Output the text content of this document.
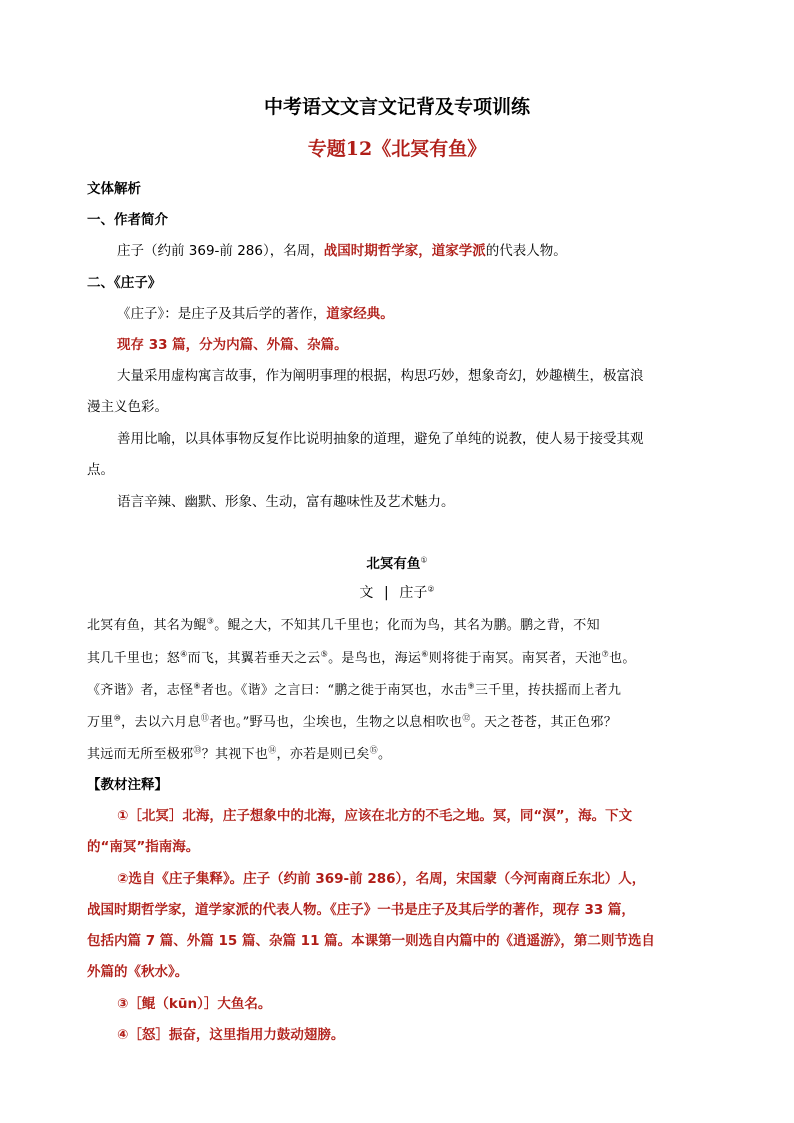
中考语文文言文记背及专项训练
专题12《北冥有鱼》
文体解析
一、作者简介
庄子（约前 369-前 286），名周，战国时期哲学家，道家学派的代表人物。
二、《庄子》
《庄子》：是庄子及其后学的著作，道家经典。
现存 33 篇，分为内篇、外篇、杂篇。
大量采用虚构寓言故事，作为阐明事理的根据，构思巧妙，想象奇幻，妙趣横生，极富浪
漫主义色彩。
善用比喻，以具体事物反复作比说明抽象的道理，避免了单纯的说教，使人易于接受其观
点。
语言辛辣、幽默、形象、生动，富有趣味性及艺术魅力。
北冥有鱼①
文 | 庄子②
北冥有鱼，其名为鲲③。鲲之大，不知其几千里也；化而为鸟，其名为鹏。鹏之背，不知
其几千里也；怒④而飞，其翼若垂天之云⑤。是鸟也，海运⑥则将徙于南冥。南冥者，天池⑦也。
《齐谐》者，志怪⑧者也。《谐》之言曰：“鹏之徙于南冥也，水击⑨三千里，抟扶摇而上者九
万里⑩，去以六月息⑪者也。”野马也，尘埃也，生物之以息相吹也⑫。天之苍苍，其正色邪？
其远而无所至极邪⑬？其视下也⑭，亦若是则已矣⑮。
【教材注释】
①［北冥］北海，庄子想象中的北海，应该在北方的不毛之地。冥，同“溟”，海。下文
的“南冥”指南海。
②选自《庄子集释》。庄子（约前 369-前 286），名周，宋国蒙（今河南商丘东北）人，
战国时期哲学家，道学家派的代表人物。《庄子》一书是庄子及其后学的著作，现存 33 篇，
包括内篇 7 篇、外篇 15 篇、杂篇 11 篇。本课第一则选自内篇中的《逍遥游》，第二则节选自
外篇的《秋水》。
③［鲲（kūn）］大鱼名。
④［怒］振奋，这里指用力鼓动翅膀。
